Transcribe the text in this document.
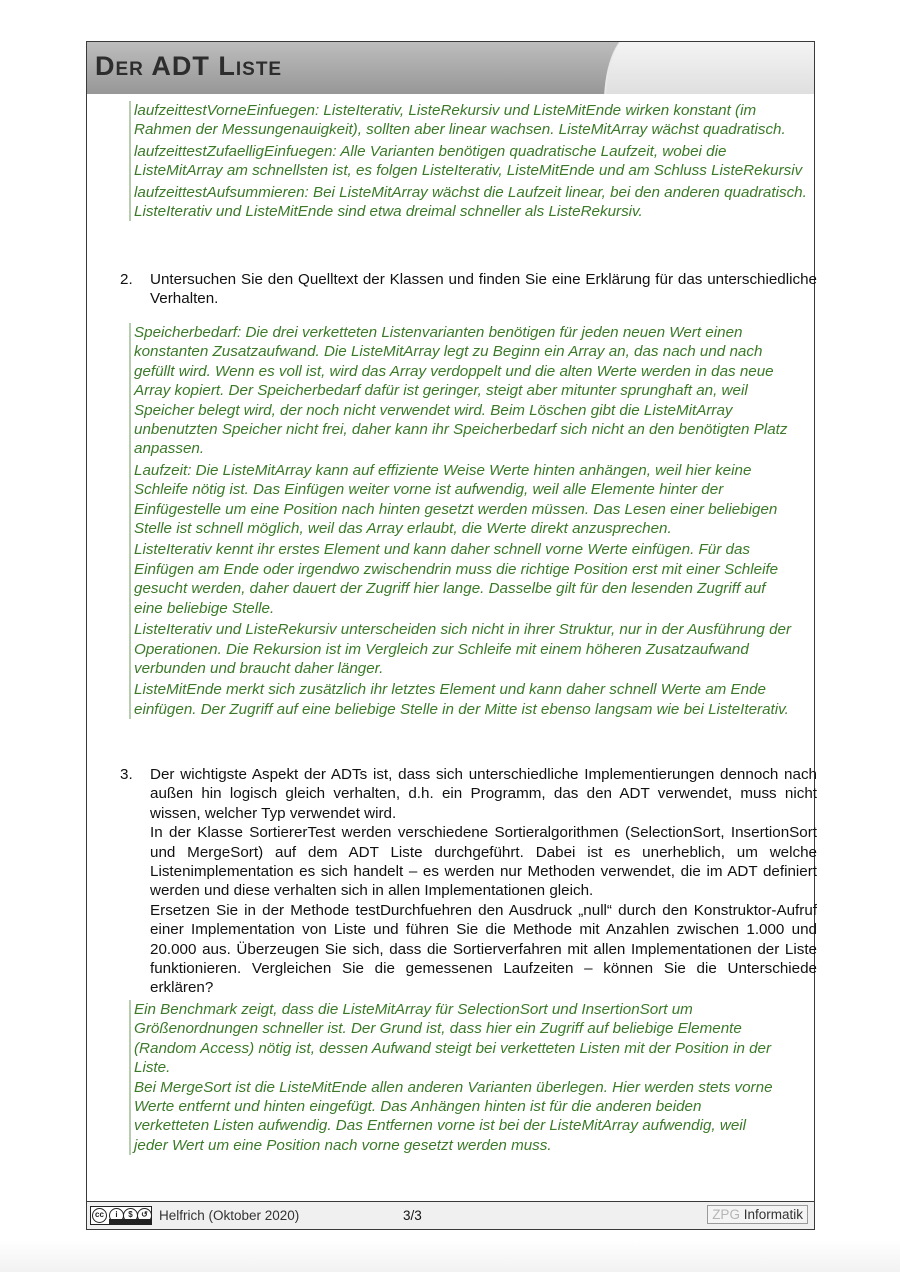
Der ADT Liste

laufzeittestVorneEinfuegen: ListeIterativ, ListeRekursiv und ListeMitEnde wirken konstant (im Rahmen der Messungenauigkeit), sollten aber linear wachsen. ListeMitArray wächst quadratisch.

laufzeittestZufaelligEinfuegen: Alle Varianten benötigen quadratische Laufzeit, wobei die ListeMitArray am schnellsten ist, es folgen ListeIterativ, ListeMitEnde und am Schluss ListeRekursiv

laufzeittestAufsummieren: Bei ListeMitArray wächst die Laufzeit linear, bei den anderen quadratisch. ListeIterativ und ListeMitEnde sind etwa dreimal schneller als ListeRekursiv.

2. Untersuchen Sie den Quelltext der Klassen und finden Sie eine Erklärung für das unterschiedliche Verhalten.

Speicherbedarf: Die drei verketteten Listenvarianten benötigen für jeden neuen Wert einen konstanten Zusatzaufwand. Die ListeMitArray legt zu Beginn ein Array an, das nach und nach gefüllt wird. Wenn es voll ist, wird das Array verdoppelt und die alten Werte werden in das neue Array kopiert. Der Speicherbedarf dafür ist geringer, steigt aber mitunter sprunghaft an, weil Speicher belegt wird, der noch nicht verwendet wird. Beim Löschen gibt die ListeMitArray unbenutzten Speicher nicht frei, daher kann ihr Speicherbedarf sich nicht an den benötigten Platz anpassen.

Laufzeit: Die ListeMitArray kann auf effiziente Weise Werte hinten anhängen, weil hier keine Schleife nötig ist. Das Einfügen weiter vorne ist aufwendig, weil alle Elemente hinter der Einfügestelle um eine Position nach hinten gesetzt werden müssen. Das Lesen einer beliebigen Stelle ist schnell möglich, weil das Array erlaubt, die Werte direkt anzusprechen.

ListeIterativ kennt ihr erstes Element und kann daher schnell vorne Werte einfügen. Für das Einfügen am Ende oder irgendwo zwischendrin muss die richtige Position erst mit einer Schleife gesucht werden, daher dauert der Zugriff hier lange. Dasselbe gilt für den lesenden Zugriff auf eine beliebige Stelle.

ListeIterativ und ListeRekursiv unterscheiden sich nicht in ihrer Struktur, nur in der Ausführung der Operationen. Die Rekursion ist im Vergleich zur Schleife mit einem höheren Zusatzaufwand verbunden und braucht daher länger.

ListeMitEnde merkt sich zusätzlich ihr letztes Element und kann daher schnell Werte am Ende einfügen. Der Zugriff auf eine beliebige Stelle in der Mitte ist ebenso langsam wie bei ListeIterativ.

3. Der wichtigste Aspekt der ADTs ist, dass sich unterschiedliche Implementierungen dennoch nach außen hin logisch gleich verhalten, d.h. ein Programm, das den ADT verwendet, muss nicht wissen, welcher Typ verwendet wird.

In der Klasse SortiererTest werden verschiedene Sortieralgorithmen (SelectionSort, InsertionSort und MergeSort) auf dem ADT Liste durchgeführt. Dabei ist es unerheblich, um welche Listenimplementation es sich handelt – es werden nur Methoden verwendet, die im ADT definiert werden und diese verhalten sich in allen Implementationen gleich.

Ersetzen Sie in der Methode testDurchfuehren den Ausdruck „null“ durch den Konstruktor-Aufruf einer Implementation von Liste und führen Sie die Methode mit Anzahlen zwischen 1.000 und 20.000 aus. Überzeugen Sie sich, dass die Sortierverfahren mit allen Implementationen der Liste funktionieren. Vergleichen Sie die gemessenen Laufzeiten – können Sie die Unterschiede erklären?

Ein Benchmark zeigt, dass die ListeMitArray für SelectionSort und InsertionSort um Größenordnungen schneller ist. Der Grund ist, dass hier ein Zugriff auf beliebige Elemente (Random Access) nötig ist, dessen Aufwand steigt bei verketteten Listen mit der Position in der Liste.

Bei MergeSort ist die ListeMitEnde allen anderen Varianten überlegen. Hier werden stets vorne Werte entfernt und hinten eingefügt. Das Anhängen hinten ist für die anderen beiden verketteten Listen aufwendig. Das Entfernen vorne ist bei der ListeMitArray aufwendig, weil jeder Wert um eine Position nach vorne gesetzt werden muss.

cc	i	$	↺ Helfrich (Oktober 2020)	3/3	ZPG Informatik
